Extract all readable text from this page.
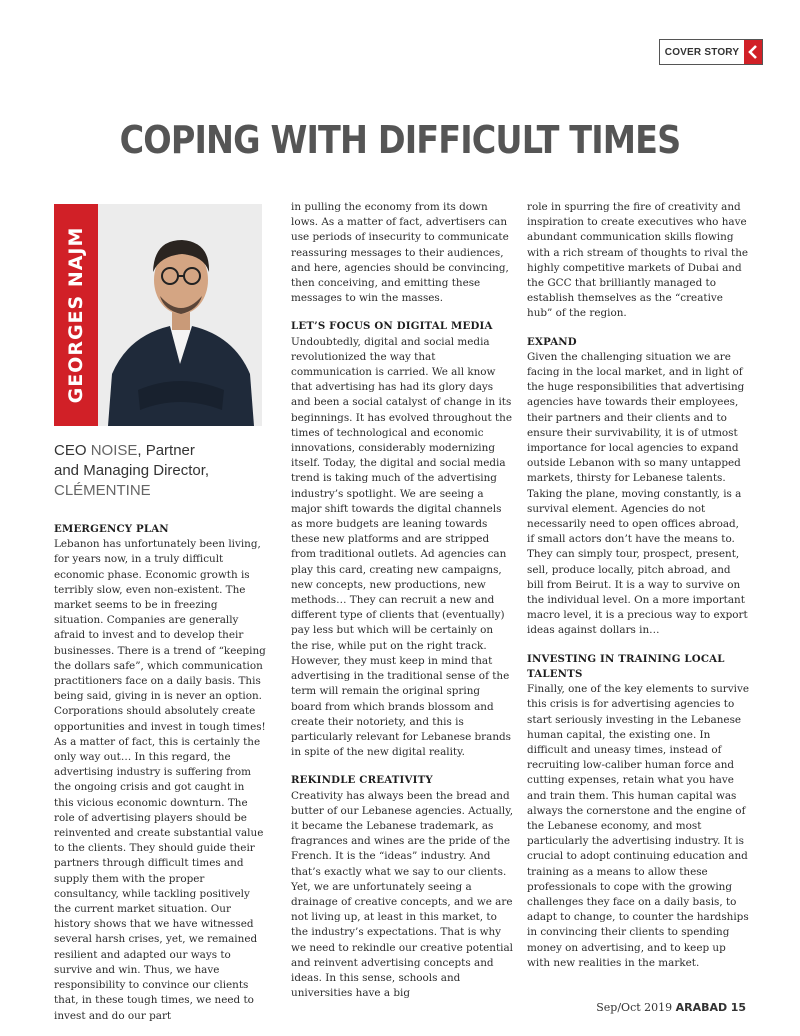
COVER STORY
COPING WITH DIFFICULT TIMES
GEORGES NAJM
CEO NOISE, Partner
and Managing Director,
CLÉMENTINE

EMERGENCY PLAN

Lebanon has unfortunately been living, for years now, in a truly difficult economic phase. Economic growth is terribly slow, even non-existent. The market seems to be in freezing situation. Companies are generally afraid to invest and to develop their businesses. There is a trend of “keeping the dollars safe”, which communication practitioners face on a daily basis. This being said, giving in is never an option. Corporations should absolutely create opportunities and invest in tough times! As a matter of fact, this is certainly the only way out… In this regard, the advertising industry is suffering from the ongoing crisis and got caught in this vicious economic downturn. The role of advertising players should be reinvented and create substantial value to the clients. They should guide their partners through difficult times and supply them with the proper consultancy, while tackling positively the current market situation. Our history shows that we have witnessed several harsh crises, yet, we remained resilient and adapted our ways to survive and win. Thus, we have responsibility to convince our clients that, in these tough times, we need to invest and do our part

in pulling the economy from its down lows. As a matter of fact, advertisers can use periods of insecurity to communicate reassuring messages to their audiences, and here, agencies should be convincing, then conceiving, and emitting these messages to win the masses.

LET’S FOCUS ON DIGITAL MEDIA

Undoubtedly, digital and social media revolutionized the way that communication is carried. We all know that advertising has had its glory days and been a social catalyst of change in its beginnings. It has evolved throughout the times of technological and economic innovations, considerably modernizing itself. Today, the digital and social media trend is taking much of the advertising industry’s spotlight. We are seeing a major shift towards the digital channels as more budgets are leaning towards these new platforms and are stripped from traditional outlets. Ad agencies can play this card, creating new campaigns, new concepts, new productions, new methods… They can recruit a new and different type of clients that (eventually) pay less but which will be certainly on the rise, while put on the right track. However, they must keep in mind that advertising in the traditional sense of the term will remain the original spring board from which brands blossom and create their notoriety, and this is particularly relevant for Lebanese brands in spite of the new digital reality.

REKINDLE CREATIVITY

Creativity has always been the bread and butter of our Lebanese agencies. Actually, it became the Lebanese trademark, as fragrances and wines are the pride of the French. It is the “ideas” industry. And that’s exactly what we say to our clients. Yet, we are unfortunately seeing a drainage of creative concepts, and we are not living up, at least in this market, to the industry’s expectations. That is why we need to rekindle our creative potential and reinvent advertising concepts and ideas. In this sense, schools and universities have a big

role in spurring the fire of creativity and inspiration to create executives who have abundant communication skills flowing with a rich stream of thoughts to rival the highly competitive markets of Dubai and the GCC that brilliantly managed to establish themselves as the “creative hub” of the region.

EXPAND

Given the challenging situation we are facing in the local market, and in light of the huge responsibilities that advertising agencies have towards their employees, their partners and their clients and to ensure their survivability, it is of utmost importance for local agencies to expand outside Lebanon with so many untapped markets, thirsty for Lebanese talents. Taking the plane, moving constantly, is a survival element. Agencies do not necessarily need to open offices abroad, if small actors don’t have the means to. They can simply tour, prospect, present, sell, produce locally, pitch abroad, and bill from Beirut. It is a way to survive on the individual level. On a more important macro level, it is a precious way to export ideas against dollars in…

INVESTING IN TRAINING LOCAL TALENTS

Finally, one of the key elements to survive this crisis is for advertising agencies to start seriously investing in the Lebanese human capital, the existing one. In difficult and uneasy times, instead of recruiting low-caliber human force and cutting expenses, retain what you have and train them. This human capital was always the cornerstone and the engine of the Lebanese economy, and most particularly the advertising industry. It is crucial to adopt continuing education and training as a means to allow these professionals to cope with the growing challenges they face on a daily basis, to adapt to change, to counter the hardships in convincing their clients to spending money on advertising, and to keep up with new realities in the market.

Sep/Oct 2019 ARABAD 15
